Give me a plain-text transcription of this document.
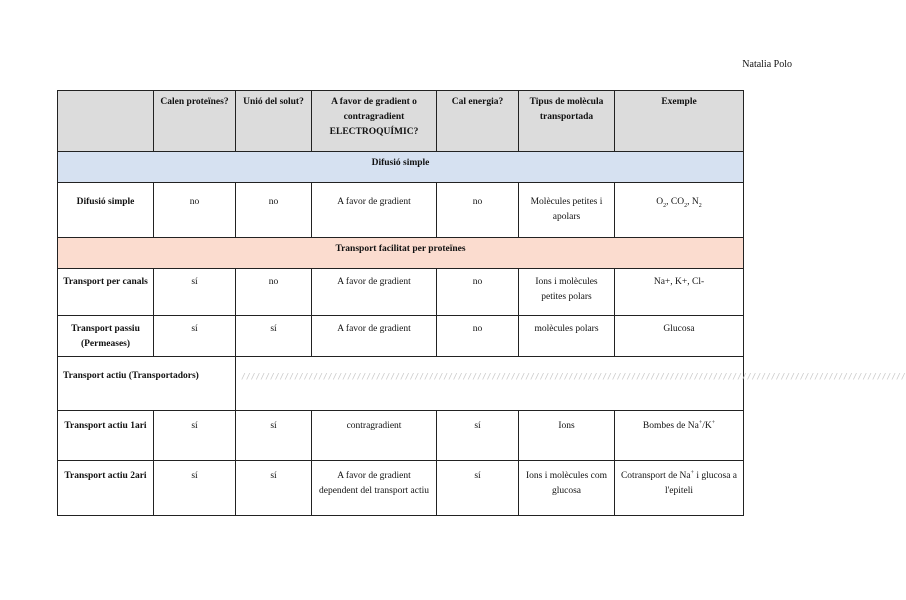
Natalia Polo
	Calen proteïnes?	Unió del solut?	A favor de gradient o contragradient ELECTROQUÍMIC?	Cal energia?	Tipus de molècula transportada	Exemple
Difusió simple						
Difusió simple	no	no	A favor de gradient	no	Molècules petites i apolars	$O_2$, $CO_2$, $N_2$
Transport facilitat per proteïnes						
Transport per canals	sí	no	A favor de gradient	no	Ions i molècules petites polars	Na+, K+, Cl-
Transport passiu (Permeases)	sí	sí	A favor de gradient	no	molècules polars	Glucosa
Transport actiu (Transportadors)		//////////////////////////////////////////////////////////////////////////////////////////////////////////////////////////////////////////				
Transport actiu 1ari	sí	sí	contragradient	sí	Ions	Bombes de Na+/K+
Transport actiu 2ari	sí	sí	A favor de gradient dependent del transport actiu	sí	Ions i molècules com glucosa	Cotransport de Na+ i glucosa a l'epiteli
